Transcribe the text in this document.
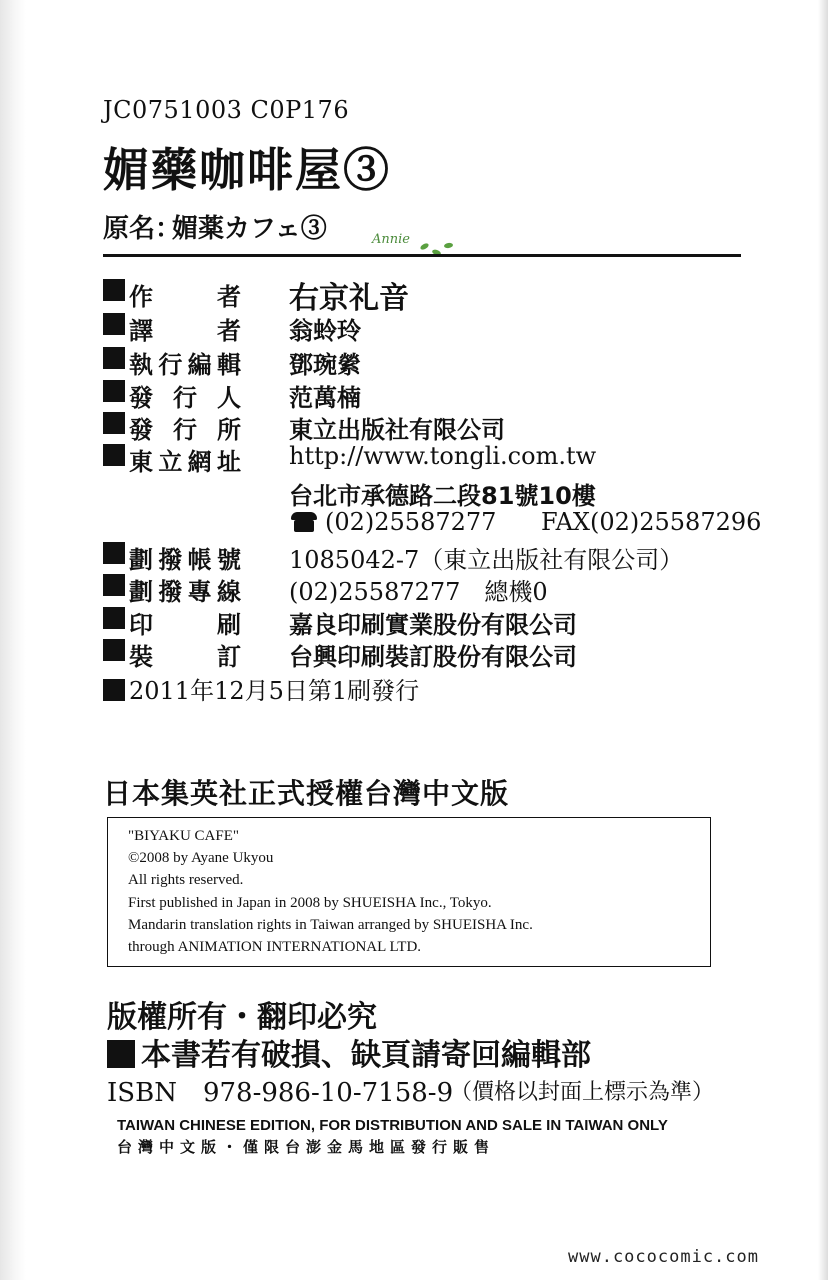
JC0751003 C0P176
媚藥咖啡屋③
原名：
媚薬カフェ③	Annie
作	者 右京礼音
譯	者 翁蛉玲
執 行 編 輯 鄧琬縈
發 行 人 范萬楠
發 行 所 東立出版社有限公司
東 立 網 址 http://www.tongli.com.tw
台北市承德路二段81號10樓
(02)25587277 FAX(02)25587296
劃 撥 帳 號 1085042-7（東立出版社有限公司）
劃 撥 專 線 (02)25587277　總機0
印	刷 嘉良印刷實業股份有限公司
裝	訂 台興印刷裝訂股份有限公司
2011年12月5日第1刷發行
日本集英社正式授權台灣中文版
"BIYAKU CAFE"
©2008 by Ayane Ukyou
All rights reserved.
First published in Japan in 2008 by SHUEISHA Inc., Tokyo.
Mandarin translation rights in Taiwan arranged by SHUEISHA Inc.
through ANIMATION INTERNATIONAL LTD.
版權所有・翻印必究
本書若有破損、缺頁請寄回編輯部
ISBN　978-986-10-7158-9
（價格以封面上標示為準）
TAIWAN CHINESE EDITION, FOR DISTRIBUTION AND SALE IN TAIWAN ONLY
台灣中文版・僅限台澎金馬地區發行販售
www.cococomic.com
